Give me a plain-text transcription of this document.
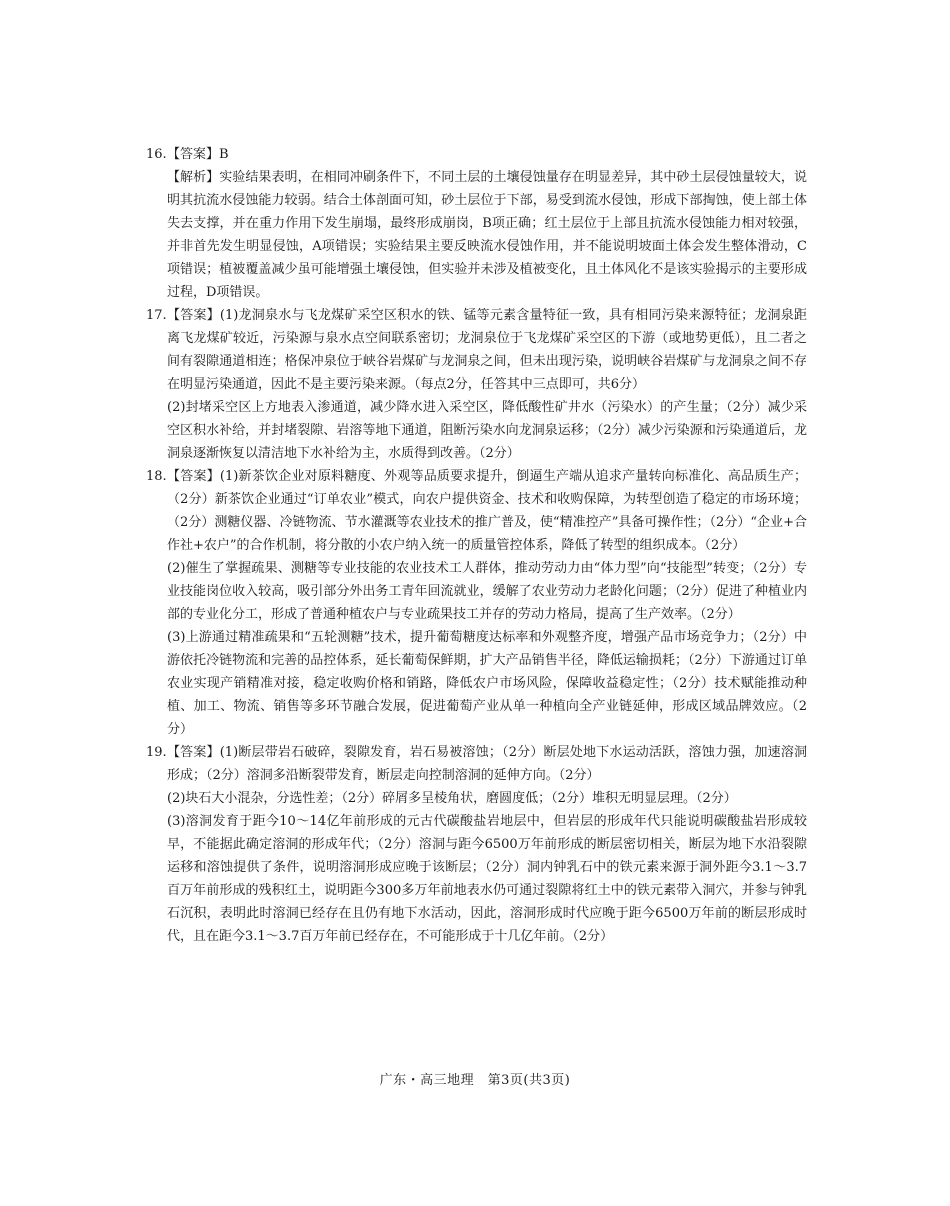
16. 【答案】B

【解析】实验结果表明，在相同冲刷条件下，不同土层的土壤侵蚀量存在明显差异，其中砂土层侵蚀量较大，说明其抗流水侵蚀能力较弱。结合土体剖面可知，砂土层位于下部，易受到流水侵蚀，形成下部掏蚀，使上部土体失去支撑，并在重力作用下发生崩塌，最终形成崩岗，B项正确；红土层位于上部且抗流水侵蚀能力相对较强，并非首先发生明显侵蚀，A项错误；实验结果主要反映流水侵蚀作用，并不能说明坡面土体会发生整体滑动，C项错误；植被覆盖减少虽可能增强土壤侵蚀，但实验并未涉及植被变化，且土体风化不是该实验揭示的主要形成过程，D项错误。

17. 【答案】(1)龙洞泉水与飞龙煤矿采空区积水的铁、锰等元素含量特征一致，具有相同污染来源特征；龙洞泉距离飞龙煤矿较近，污染源与泉水点空间联系密切；龙洞泉位于飞龙煤矿采空区的下游（或地势更低），且二者之间有裂隙通道相连；格保冲泉位于峡谷岩煤矿与龙洞泉之间，但未出现污染，说明峡谷岩煤矿与龙洞泉之间不存在明显污染通道，因此不是主要污染来源。（每点2分，任答其中三点即可，共6分）

(2)封堵采空区上方地表入渗通道，减少降水进入采空区，降低酸性矿井水（污染水）的产生量；（2分）减少采空区积水补给，并封堵裂隙、岩溶等地下通道，阻断污染水向龙洞泉运移；（2分）减少污染源和污染通道后，龙洞泉逐渐恢复以清洁地下水补给为主，水质得到改善。（2分）

18. 【答案】(1)新茶饮企业对原料糖度、外观等品质要求提升，倒逼生产端从追求产量转向标准化、高品质生产；（2分）新茶饮企业通过“订单农业”模式，向农户提供资金、技术和收购保障，为转型创造了稳定的市场环境；（2分）测糖仪器、冷链物流、节水灌溉等农业技术的推广普及，使“精准控产”具备可操作性；（2分）“企业+合作社+农户”的合作机制，将分散的小农户纳入统一的质量管控体系，降低了转型的组织成本。（2分）

(2)催生了掌握疏果、测糖等专业技能的农业技术工人群体，推动劳动力由“体力型”向“技能型”转变；（2分）专业技能岗位收入较高，吸引部分外出务工青年回流就业，缓解了农业劳动力老龄化问题；（2分）促进了种植业内部的专业化分工，形成了普通种植农户与专业疏果技工并存的劳动力格局，提高了生产效率。（2分）

(3)上游通过精准疏果和“五轮测糖”技术，提升葡萄糖度达标率和外观整齐度，增强产品市场竞争力；（2分）中游依托冷链物流和完善的品控体系，延长葡萄保鲜期，扩大产品销售半径，降低运输损耗；（2分）下游通过订单农业实现产销精准对接，稳定收购价格和销路，降低农户市场风险，保障收益稳定性；（2分）技术赋能推动种植、加工、物流、销售等多环节融合发展，促进葡萄产业从单一种植向全产业链延伸，形成区域品牌效应。（2分）

19. 【答案】(1)断层带岩石破碎，裂隙发育，岩石易被溶蚀；（2分）断层处地下水运动活跃，溶蚀力强，加速溶洞形成；（2分）溶洞多沿断裂带发育，断层走向控制溶洞的延伸方向。（2分）

(2)块石大小混杂，分选性差；（2分）碎屑多呈棱角状，磨圆度低；（2分）堆积无明显层理。（2分）

(3)溶洞发育于距今10～14亿年前形成的元古代碳酸盐岩地层中，但岩层的形成年代只能说明碳酸盐岩形成较早，不能据此确定溶洞的形成年代；（2分）溶洞与距今6500万年前形成的断层密切相关，断层为地下水沿裂隙运移和溶蚀提供了条件，说明溶洞形成应晚于该断层；（2分）洞内钟乳石中的铁元素来源于洞外距今3.1～3.7百万年前形成的残积红土，说明距今300多万年前地表水仍可通过裂隙将红土中的铁元素带入洞穴，并参与钟乳石沉积，表明此时溶洞已经存在且仍有地下水活动，因此，溶洞形成时代应晚于距今6500万年前的断层形成时代，且在距今3.1～3.7百万年前已经存在，不可能形成于十几亿年前。（2分）

广东・高三地理　第3页(共3页)
